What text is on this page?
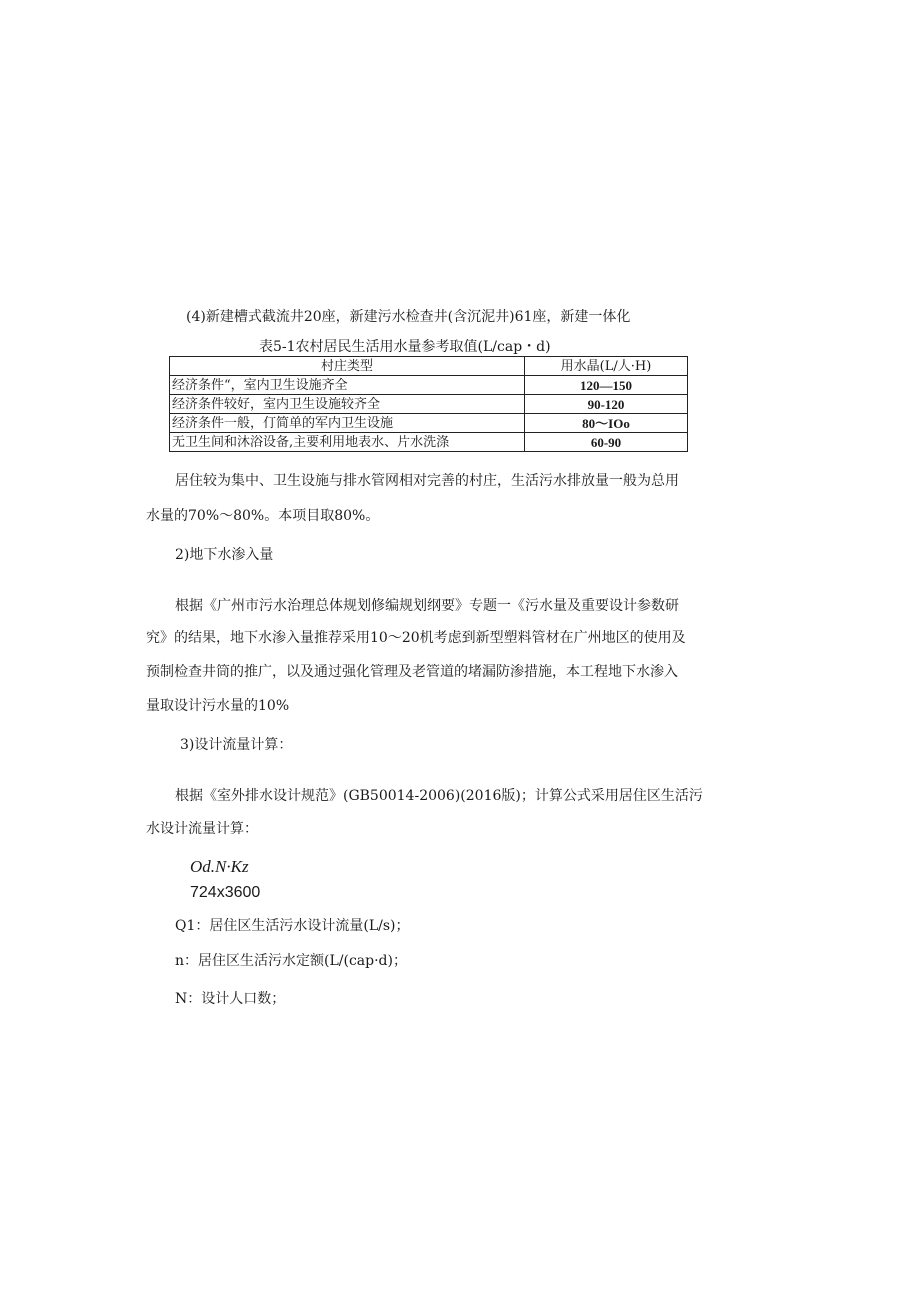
(4)新建槽式截流井20座，新建污水检查井(含沉泥井)61座，新建一体化
表5-1农村居民生活用水量参考取值(L/cap・d)
村庄类型	用水晶(L/人·H)
经济条件“，室内卫生设施齐全	120—150
经济条件较好，室内卫生设施较齐全	90-120
经济条件一般，仃简单的军内卫生设施	80～IOo
无卫生间和沐浴设备,主要利用地表水、片水洗涤	60-90
居住较为集中、卫生设施与排水管网相对完善的村庄，生活污水排放量一般为总用
水量的70%～80%。本项目取80%。
2)地下水渗入量
根据《广州市污水治理总体规划修编规划纲要》专题一《污水量及重要设计参数研
究》的结果，地下水渗入量推荐采用10～20机考虑到新型塑料管材在广州地区的使用及
预制检查井筒的推广，以及通过强化管理及老管道的堵漏防渗措施，本工程地下水渗入
量取设计污水量的10%
3)设计流量计算：
根据《室外排水设计规范》(GB50014-2006)(2016版)；计算公式采用居住区生活污
水设计流量计算：
Od.N·Kz
724x3600
Q1：居住区生活污水设计流量(L/s)；
n：居住区生活污水定额(L/(cap·d)；
N：设计人口数；
